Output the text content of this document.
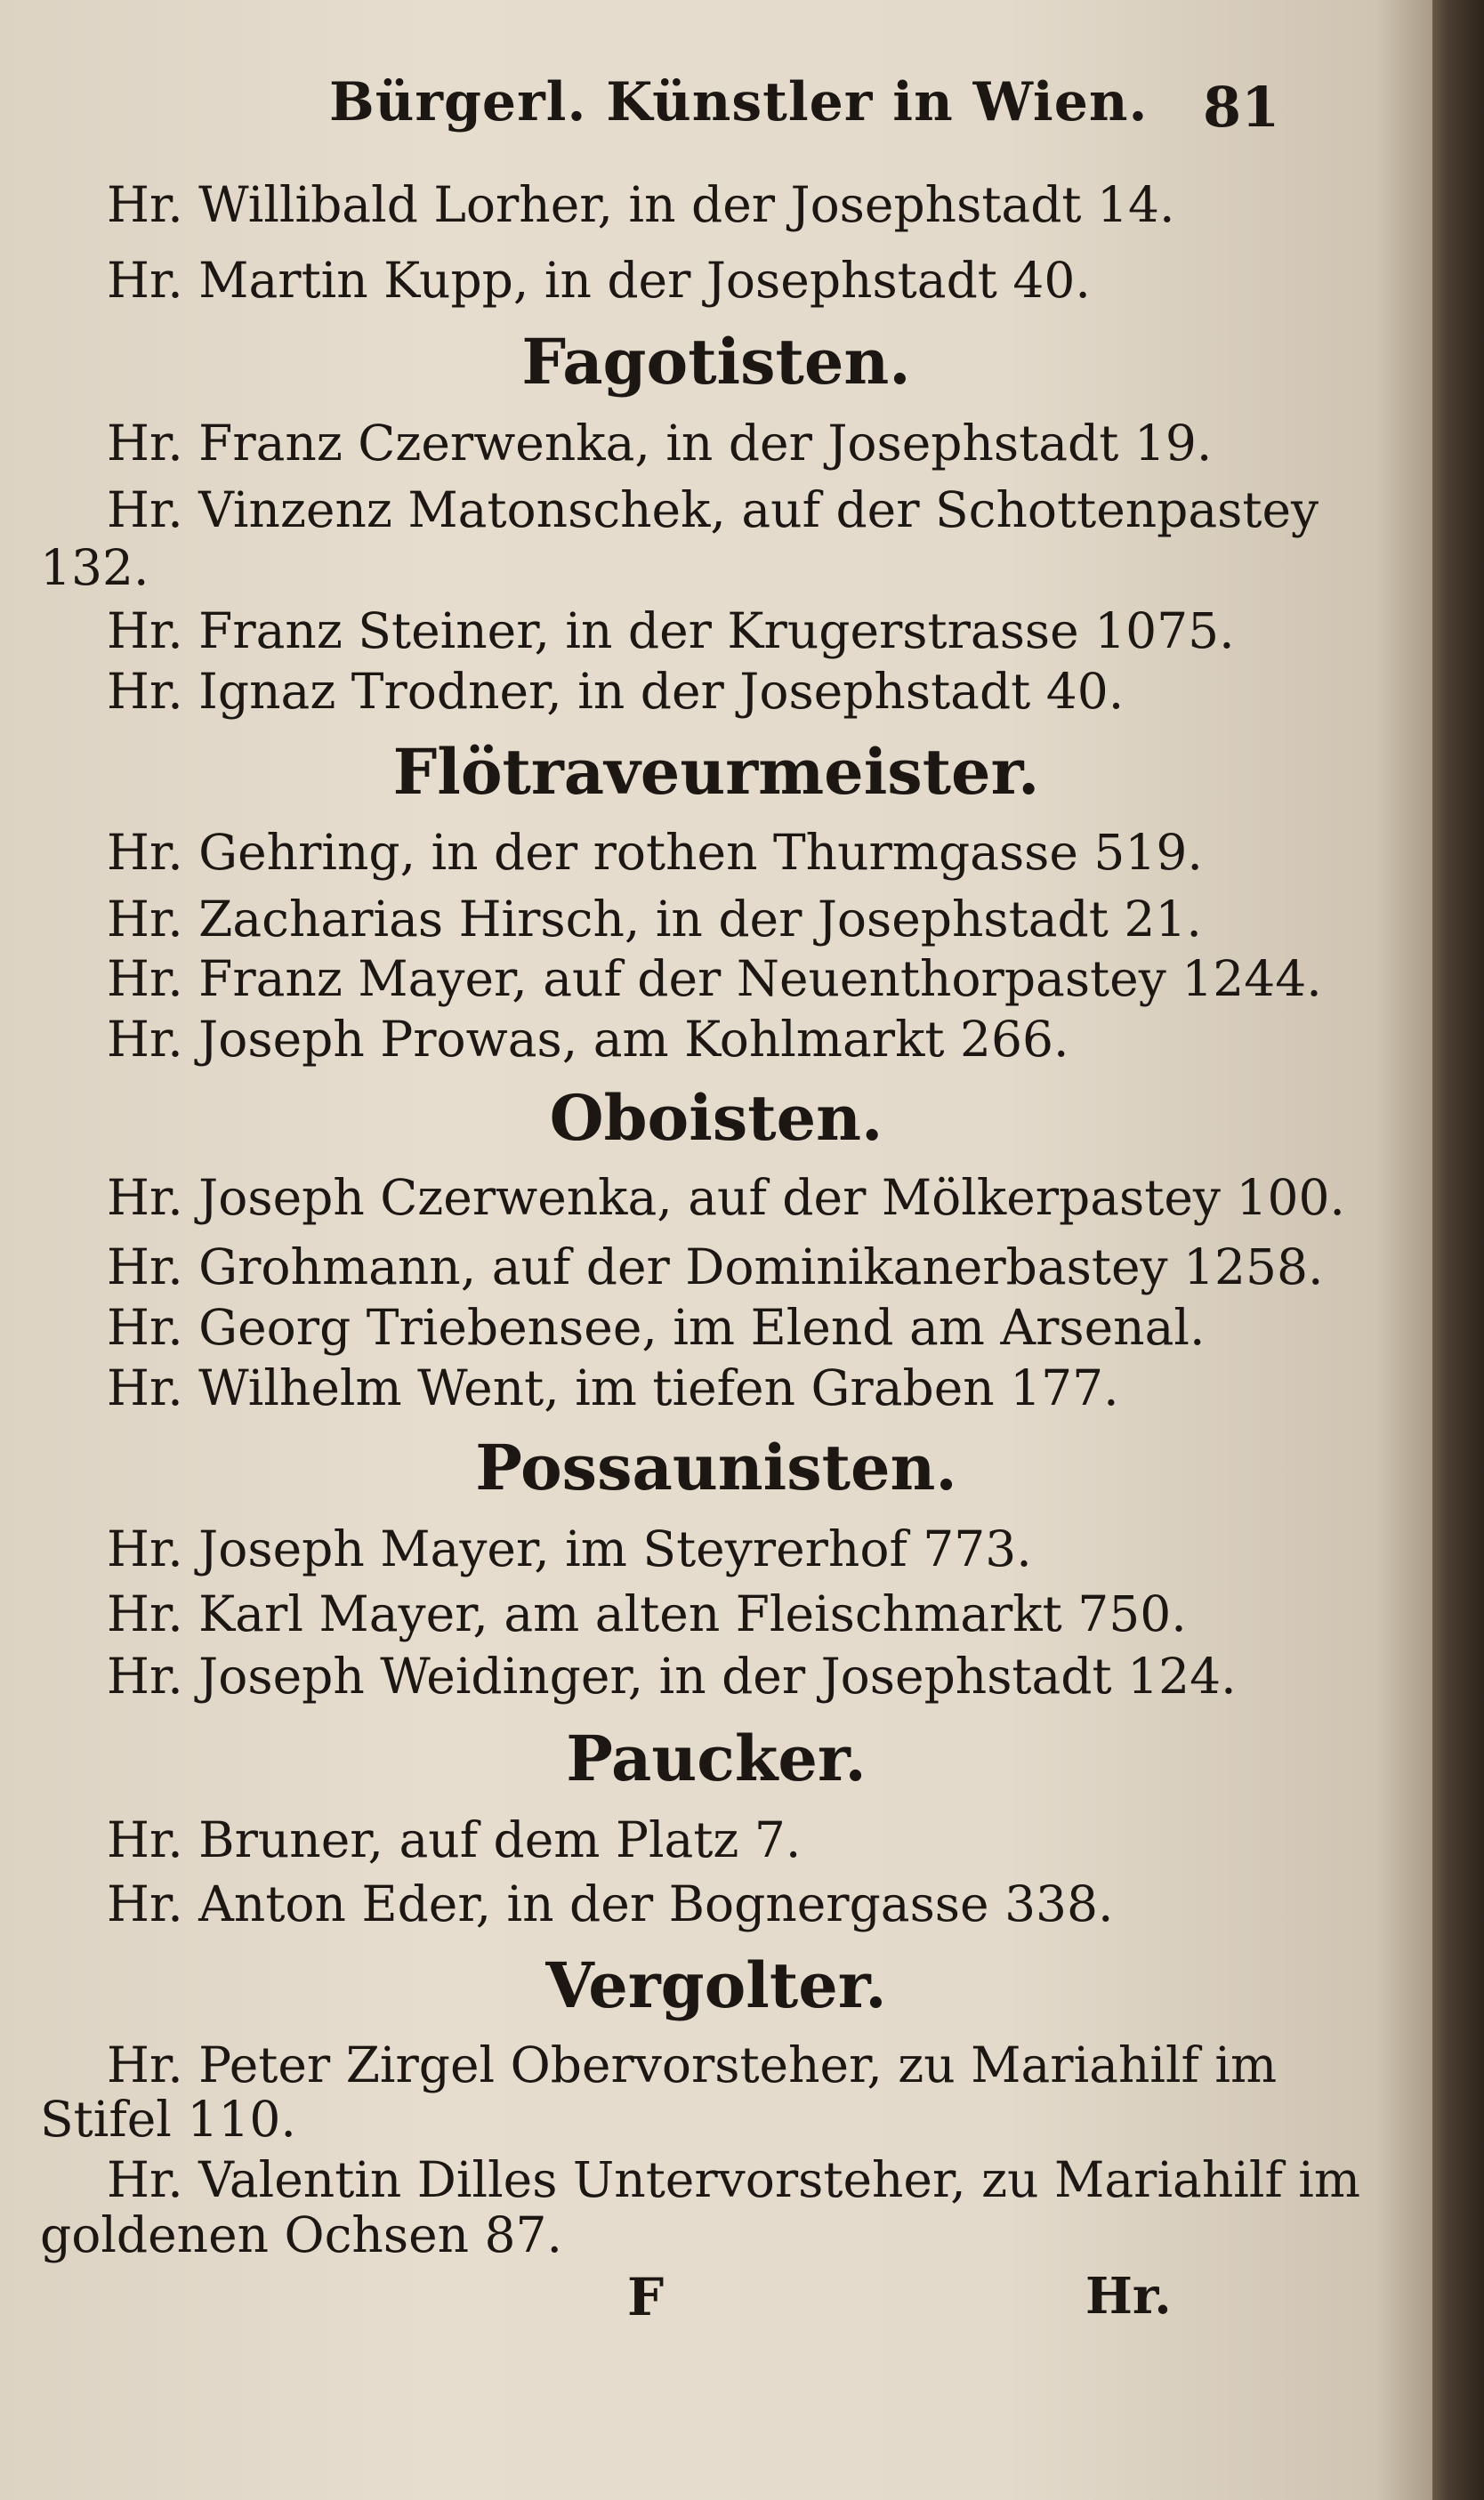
Bürgerl. Künstler in Wien. 81
Hr. Willibald Lorher, in der Josephstadt 14.
Hr. Martin Kupp, in der Josephstadt 40.
Fagotisten.
Hr. Franz Czerwenka, in der Josephstadt 19.
Hr. Vinzenz Matonschek, auf der Schottenpastey
132.
Hr. Franz Steiner, in der Krugerstrasse 1075.
Hr. Ignaz Trodner, in der Josephstadt 40.
Flötraveurmeister.
Hr. Gehring, in der rothen Thurmgasse 519.
Hr. Zacharias Hirsch, in der Josephstadt 21.
Hr. Franz Mayer, auf der Neuenthorpastey 1244.
Hr. Joseph Prowas, am Kohlmarkt 266.
Oboisten.
Hr. Joseph Czerwenka, auf der Mölkerpastey 100.
Hr. Grohmann, auf der Dominikanerbastey 1258.
Hr. Georg Triebensee, im Elend am Arsenal.
Hr. Wilhelm Went, im tiefen Graben 177.
Possaunisten.
Hr. Joseph Mayer, im Steyrerhof 773.
Hr. Karl Mayer, am alten Fleischmarkt 750.
Hr. Joseph Weidinger, in der Josephstadt 124.
Paucker.
Hr. Bruner, auf dem Platz 7.
Hr. Anton Eder, in der Bognergasse 338.
Vergolter.
Hr. Peter Zirgel Obervorsteher, zu Mariahilf im
Stifel 110.
Hr. Valentin Dilles Untervorsteher, zu Mariahilf im
goldenen Ochsen 87.
F	Hr.
